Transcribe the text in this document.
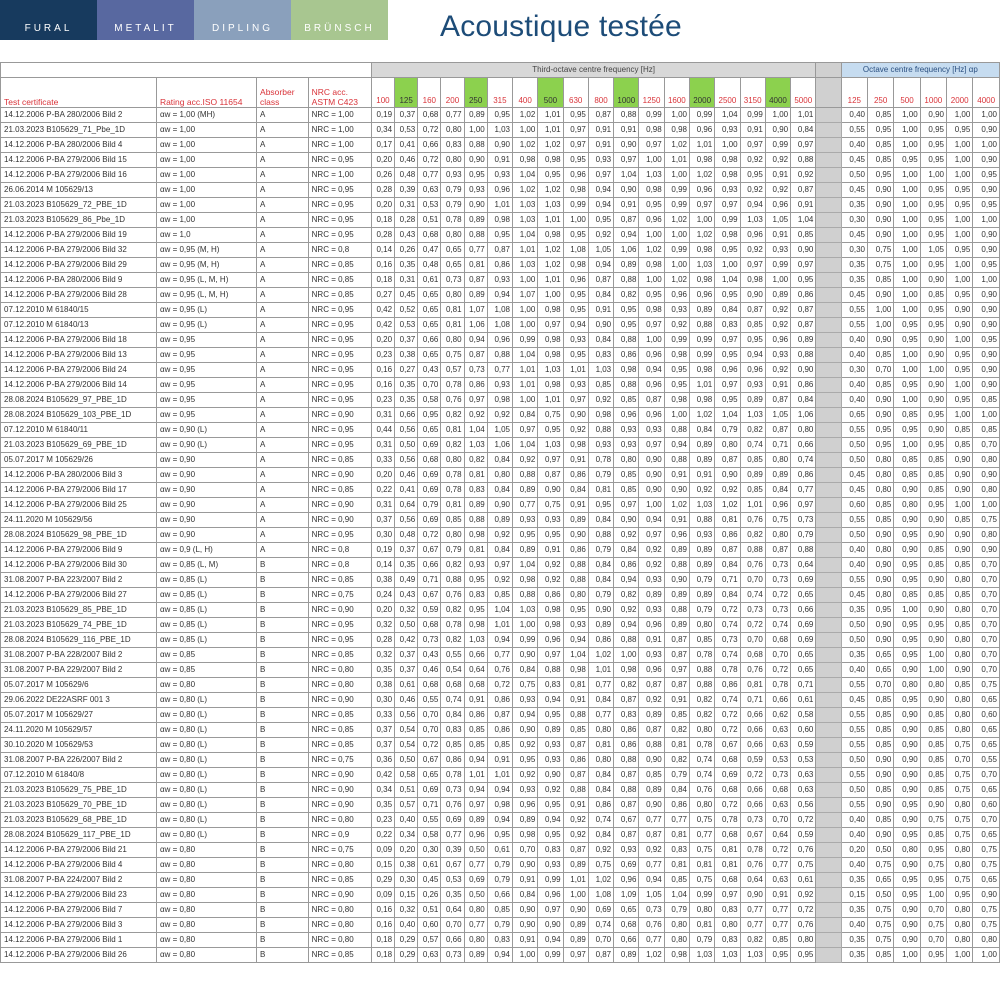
FURAL	METALIT	DIPLING	BRÜNSCH	Acoustique testée
				Third-octave centre frequency [Hz]																			Octave centre frequency [Hz] αp					
Test certificate	Rating acc.ISO 11654	Absorber class	NRC acc. ASTM C423	100	125	160	200	250	315	400	500	630	800	1000	1250	1600	2000	2500	3150	4000	5000		125	250	500	1000	2000	4000
14.12.2006 P-BA 280/2006 Bild 2	αw = 1,00 (MH)	A	NRC = 1,00	0,19	0,37	0,68	0,77	0,89	0,95	1,02	1,01	0,95	0,87	0,88	0,99	1,00	0,99	1,04	0,99	1,00	1,01		0,40	0,85	1,00	0,90	1,00	1,00
21.03.2023 B105629_71_Pbe_1D	αw = 1,00	A	NRC = 1,00	0,34	0,53	0,72	0,80	1,00	1,03	1,00	1,01	0,97	0,91	0,91	0,98	0,98	0,96	0,93	0,91	0,90	0,84		0,55	0,95	1,00	0,95	0,95	0,90
14.12.2006 P-BA 280/2006 Bild 4	αw = 1,00	A	NRC = 1,00	0,17	0,41	0,66	0,83	0,88	0,90	1,02	1,02	0,97	0,91	0,90	0,97	1,02	1,01	1,00	0,97	0,99	0,97		0,40	0,85	1,00	0,95	1,00	1,00
14.12.2006 P-BA 279/2006 Bild 15	αw = 1,00	A	NRC = 0,95	0,20	0,46	0,72	0,80	0,90	0,91	0,98	0,98	0,95	0,93	0,97	1,00	1,01	0,98	0,98	0,92	0,92	0,88		0,45	0,85	0,95	0,95	1,00	0,90
14.12.2006 P-BA 279/2006 Bild 16	αw = 1,00	A	NRC = 1,00	0,26	0,48	0,77	0,93	0,95	0,93	1,04	0,95	0,96	0,97	1,04	1,03	1,00	1,02	0,98	0,95	0,91	0,92		0,50	0,95	1,00	1,00	1,00	0,95
26.06.2014 M 105629/13	αw = 1,00	A	NRC = 0,95	0,28	0,39	0,63	0,79	0,93	0,96	1,02	1,02	0,98	0,94	0,90	0,98	0,99	0,96	0,93	0,92	0,92	0,87		0,45	0,90	1,00	0,95	0,95	0,90
21.03.2023 B105629_72_PBE_1D	αw = 1,00	A	NRC = 0,95	0,20	0,31	0,53	0,79	0,90	1,01	1,03	1,03	0,99	0,94	0,91	0,95	0,99	0,97	0,97	0,94	0,96	0,91		0,35	0,90	1,00	0,95	0,95	0,95
21.03.2023 B105629_86_Pbe_1D	αw = 1,00	A	NRC = 0,95	0,18	0,28	0,51	0,78	0,89	0,98	1,03	1,01	1,00	0,95	0,87	0,96	1,02	1,00	0,99	1,03	1,05	1,04		0,30	0,90	1,00	0,95	1,00	1,00
14.12.2006 P-BA 279/2006 Bild 19	αw = 1,0	A	NRC = 0,95	0,28	0,43	0,68	0,80	0,88	0,95	1,04	0,98	0,95	0,92	0,94	1,00	1,00	1,02	0,98	0,96	0,91	0,85		0,45	0,90	1,00	0,95	1,00	0,90
14.12.2006 P-BA 279/2006 Bild 32	αw = 0,95 (M, H)	A	NRC = 0,8	0,14	0,26	0,47	0,65	0,77	0,87	1,01	1,02	1,08	1,05	1,06	1,02	0,99	0,98	0,95	0,92	0,93	0,90		0,30	0,75	1,00	1,05	0,95	0,90
14.12.2006 P-BA 279/2006 Bild 29	αw = 0,95 (M, H)	A	NRC = 0,85	0,16	0,35	0,48	0,65	0,81	0,86	1,03	1,02	0,98	0,94	0,89	0,98	1,00	1,03	1,00	0,97	0,99	0,97		0,35	0,75	1,00	0,95	1,00	0,95
14.12.2006 P-BA 280/2006 Bild 9	αw = 0,95 (L, M, H)	A	NRC = 0,85	0,18	0,31	0,61	0,73	0,87	0,93	1,00	1,01	0,96	0,87	0,88	1,00	1,02	0,98	1,04	0,98	1,00	0,95		0,35	0,85	1,00	0,90	1,00	1,00
14.12.2006 P-BA 279/2006 Bild 28	αw = 0,95 (L, M, H)	A	NRC = 0,85	0,27	0,45	0,65	0,80	0,89	0,94	1,07	1,00	0,95	0,84	0,82	0,95	0,96	0,96	0,95	0,90	0,89	0,86		0,45	0,90	1,00	0,85	0,95	0,90
07.12.2010 M 61840/15	αw = 0,95 (L)	A	NRC = 0,95	0,42	0,52	0,65	0,81	1,07	1,08	1,00	0,98	0,95	0,91	0,95	0,98	0,93	0,89	0,84	0,87	0,92	0,87		0,55	1,00	1,00	0,95	0,90	0,90
07.12.2010 M 61840/13	αw = 0,95 (L)	A	NRC = 0,95	0,42	0,53	0,65	0,81	1,06	1,08	1,00	0,97	0,94	0,90	0,95	0,97	0,92	0,88	0,83	0,85	0,92	0,87		0,55	1,00	0,95	0,95	0,90	0,90
14.12.2006 P-BA 279/2006 Bild 18	αw = 0,95	A	NRC = 0,95	0,20	0,37	0,66	0,80	0,94	0,96	0,99	0,98	0,93	0,84	0,88	1,00	0,99	0,99	0,97	0,95	0,96	0,89		0,40	0,90	0,95	0,90	1,00	0,95
14.12.2006 P-BA 279/2006 Bild 13	αw = 0,95	A	NRC = 0,95	0,23	0,38	0,65	0,75	0,87	0,88	1,04	0,98	0,95	0,83	0,86	0,96	0,98	0,99	0,95	0,94	0,93	0,88		0,40	0,85	1,00	0,90	0,95	0,90
14.12.2006 P-BA 279/2006 Bild 24	αw = 0,95	A	NRC = 0,95	0,16	0,27	0,43	0,57	0,73	0,77	1,01	1,03	1,01	1,03	0,98	0,94	0,95	0,98	0,96	0,96	0,92	0,90		0,30	0,70	1,00	1,00	0,95	0,90
14.12.2006 P-BA 279/2006 Bild 14	αw = 0,95	A	NRC = 0,95	0,16	0,35	0,70	0,78	0,86	0,93	1,01	0,98	0,93	0,85	0,88	0,96	0,95	1,01	0,97	0,93	0,91	0,86		0,40	0,85	0,95	0,90	1,00	0,90
28.08.2024 B105629_97_PBE_1D	αw = 0,95	A	NRC = 0,95	0,23	0,35	0,58	0,76	0,97	0,98	1,00	1,01	0,97	0,92	0,85	0,87	0,98	0,98	0,95	0,89	0,87	0,84		0,40	0,90	1,00	0,90	0,95	0,85
28.08.2024 B105629_103_PBE_1D	αw = 0,95	A	NRC = 0,90	0,31	0,66	0,95	0,82	0,92	0,92	0,84	0,75	0,90	0,98	0,96	0,96	1,00	1,02	1,04	1,03	1,05	1,06		0,65	0,90	0,85	0,95	1,00	1,00
07.12.2010 M 61840/11	αw = 0,90 (L)	A	NRC = 0,95	0,44	0,56	0,65	0,81	1,04	1,05	0,97	0,95	0,92	0,88	0,93	0,93	0,88	0,84	0,79	0,82	0,87	0,80		0,55	0,95	0,95	0,90	0,85	0,85
21.03.2023 B105629_69_PBE_1D	αw = 0,90 (L)	A	NRC = 0,95	0,31	0,50	0,69	0,82	1,03	1,06	1,04	1,03	0,98	0,93	0,93	0,97	0,94	0,89	0,80	0,74	0,71	0,66		0,50	0,95	1,00	0,95	0,85	0,70
05.07.2017 M 105629/26	αw = 0,90	A	NRC = 0,85	0,33	0,56	0,68	0,80	0,82	0,84	0,92	0,97	0,91	0,78	0,80	0,90	0,88	0,89	0,87	0,85	0,80	0,74		0,50	0,80	0,85	0,85	0,90	0,80
14.12.2006 P-BA 280/2006 Bild 3	αw = 0,90	A	NRC = 0,90	0,20	0,46	0,69	0,78	0,81	0,80	0,88	0,87	0,86	0,79	0,85	0,90	0,91	0,91	0,90	0,89	0,89	0,86		0,45	0,80	0,85	0,85	0,90	0,90
14.12.2006 P-BA 279/2006 Bild 17	αw = 0,90	A	NRC = 0,85	0,22	0,41	0,69	0,78	0,83	0,84	0,89	0,90	0,84	0,81	0,85	0,90	0,90	0,92	0,92	0,85	0,84	0,77		0,45	0,80	0,90	0,85	0,90	0,80
14.12.2006 P-BA 279/2006 Bild 25	αw = 0,90	A	NRC = 0,90	0,31	0,64	0,79	0,81	0,89	0,90	0,77	0,75	0,91	0,95	0,97	1,00	1,02	1,03	1,02	1,01	0,96	0,97		0,60	0,85	0,80	0,95	1,00	1,00
24.11.2020 M 105629/56	αw = 0,90	A	NRC = 0,90	0,37	0,56	0,69	0,85	0,88	0,89	0,93	0,93	0,89	0,84	0,90	0,94	0,91	0,88	0,81	0,76	0,75	0,73		0,55	0,85	0,90	0,90	0,85	0,75
28.08.2024 B105629_98_PBE_1D	αw = 0,90	A	NRC = 0,95	0,30	0,48	0,72	0,80	0,98	0,92	0,95	0,95	0,90	0,88	0,92	0,97	0,96	0,93	0,86	0,82	0,80	0,79		0,50	0,90	0,95	0,90	0,90	0,80
14.12.2006 P-BA 279/2006 Bild 9	αw = 0,9 (L, H)	A	NRC = 0,8	0,19	0,37	0,67	0,79	0,81	0,84	0,89	0,91	0,86	0,79	0,84	0,92	0,89	0,89	0,87	0,88	0,87	0,88		0,40	0,80	0,90	0,85	0,90	0,90
14.12.2006 P-BA 279/2006 Bild 30	αw = 0,85 (L, M)	B	NRC = 0,8	0,14	0,35	0,66	0,82	0,93	0,97	1,04	0,92	0,88	0,84	0,86	0,92	0,88	0,89	0,84	0,76	0,73	0,64		0,40	0,90	0,95	0,85	0,85	0,70
31.08.2007 P-BA 223/2007 Bild 2	αw = 0,85 (L)	B	NRC = 0,85	0,38	0,49	0,71	0,88	0,95	0,92	0,98	0,92	0,88	0,84	0,94	0,93	0,90	0,79	0,71	0,70	0,73	0,69		0,55	0,90	0,95	0,90	0,80	0,70
14.12.2006 P-BA 279/2006 Bild 27	αw = 0,85 (L)	B	NRC = 0,75	0,24	0,43	0,67	0,76	0,83	0,85	0,88	0,86	0,80	0,79	0,82	0,89	0,89	0,89	0,84	0,74	0,72	0,65		0,45	0,80	0,85	0,85	0,85	0,70
21.03.2023 B105629_85_PBE_1D	αw = 0,85 (L)	B	NRC = 0,90	0,20	0,32	0,59	0,82	0,95	1,04	1,03	0,98	0,95	0,90	0,92	0,93	0,88	0,79	0,72	0,73	0,73	0,66		0,35	0,95	1,00	0,90	0,80	0,70
21.03.2023 B105629_74_PBE_1D	αw = 0,85 (L)	B	NRC = 0,95	0,32	0,50	0,68	0,78	0,98	1,01	1,00	0,98	0,93	0,89	0,94	0,96	0,89	0,80	0,74	0,72	0,74	0,69		0,50	0,90	0,95	0,95	0,85	0,70
28.08.2024 B105629_116_PBE_1D	αw = 0,85 (L)	B	NRC = 0,95	0,28	0,42	0,73	0,82	1,03	0,94	0,99	0,96	0,94	0,86	0,88	0,91	0,87	0,85	0,73	0,70	0,68	0,69		0,50	0,90	0,95	0,90	0,80	0,70
31.08.2007 P-BA 228/2007 Bild 2	αw = 0,85	B	NRC = 0,85	0,32	0,37	0,43	0,55	0,66	0,77	0,90	0,97	1,04	1,02	1,00	0,93	0,87	0,78	0,74	0,68	0,70	0,65		0,35	0,65	0,95	1,00	0,80	0,70
31.08.2007 P-BA 229/2007 Bild 2	αw = 0,85	B	NRC = 0,80	0,35	0,37	0,46	0,54	0,64	0,76	0,84	0,88	0,98	1,01	0,98	0,96	0,97	0,88	0,78	0,76	0,72	0,65		0,40	0,65	0,90	1,00	0,90	0,70
05.07.2017 M 105629/6	αw = 0,80	B	NRC = 0,80	0,38	0,61	0,68	0,68	0,68	0,72	0,75	0,83	0,81	0,77	0,82	0,87	0,87	0,88	0,86	0,81	0,78	0,71		0,55	0,70	0,80	0,80	0,85	0,75
29.06.2022 DE22ASRF 001 3	αw = 0,80 (L)	B	NRC = 0,90	0,30	0,46	0,55	0,74	0,91	0,86	0,93	0,94	0,91	0,84	0,87	0,92	0,91	0,82	0,74	0,71	0,66	0,61		0,45	0,85	0,95	0,90	0,80	0,65
05.07.2017 M 105629/27	αw = 0,80 (L)	B	NRC = 0,85	0,33	0,56	0,70	0,84	0,86	0,87	0,94	0,95	0,88	0,77	0,83	0,89	0,85	0,82	0,72	0,66	0,62	0,58		0,55	0,85	0,90	0,85	0,80	0,60
24.11.2020 M 105629/57	αw = 0,80 (L)	B	NRC = 0,85	0,37	0,54	0,70	0,83	0,85	0,86	0,90	0,89	0,85	0,80	0,86	0,87	0,82	0,80	0,72	0,66	0,63	0,60		0,55	0,85	0,90	0,85	0,80	0,65
30.10.2020 M 105629/53	αw = 0,80 (L)	B	NRC = 0,85	0,37	0,54	0,72	0,85	0,85	0,85	0,92	0,93	0,87	0,81	0,86	0,88	0,81	0,78	0,67	0,66	0,63	0,59		0,55	0,85	0,90	0,85	0,75	0,65
31.08.2007 P-BA 226/2007 Bild 2	αw = 0,80 (L)	B	NRC = 0,75	0,36	0,50	0,67	0,86	0,94	0,91	0,95	0,93	0,86	0,80	0,88	0,90	0,82	0,74	0,68	0,59	0,53	0,53		0,50	0,90	0,90	0,85	0,70	0,55
07.12.2010 M 61840/8	αw = 0,80 (L)	B	NRC = 0,90	0,42	0,58	0,65	0,78	1,01	1,01	0,92	0,90	0,87	0,84	0,87	0,85	0,79	0,74	0,69	0,72	0,73	0,63		0,55	0,90	0,90	0,85	0,75	0,70
21.03.2023 B105629_75_PBE_1D	αw = 0,80 (L)	B	NRC = 0,90	0,34	0,51	0,69	0,73	0,94	0,94	0,93	0,92	0,88	0,84	0,88	0,89	0,84	0,76	0,68	0,66	0,68	0,63		0,50	0,85	0,90	0,85	0,75	0,65
21.03.2023 B105629_70_PBE_1D	αw = 0,80 (L)	B	NRC = 0,90	0,35	0,57	0,71	0,76	0,97	0,98	0,96	0,95	0,91	0,86	0,87	0,90	0,86	0,80	0,72	0,66	0,63	0,56		0,55	0,90	0,95	0,90	0,80	0,60
21.03.2023 B105629_68_PBE_1D	αw = 0,80 (L)	B	NRC = 0,80	0,23	0,40	0,55	0,69	0,89	0,94	0,89	0,94	0,92	0,74	0,67	0,77	0,77	0,75	0,78	0,73	0,70	0,72		0,40	0,85	0,90	0,75	0,75	0,70
28.08.2024 B105629_117_PBE_1D	αw = 0,80 (L)	B	NRC = 0,9	0,22	0,34	0,58	0,77	0,96	0,95	0,98	0,95	0,92	0,84	0,87	0,87	0,81	0,77	0,68	0,67	0,64	0,59		0,40	0,90	0,95	0,85	0,75	0,65
14.12.2006 P-BA 279/2006 Bild 21	αw = 0,80	B	NRC = 0,75	0,09	0,20	0,30	0,39	0,50	0,61	0,70	0,83	0,87	0,92	0,93	0,92	0,83	0,75	0,81	0,78	0,72	0,76		0,20	0,50	0,80	0,95	0,80	0,75
14.12.2006 P-BA 279/2006 Bild 4	αw = 0,80	B	NRC = 0,80	0,15	0,38	0,61	0,67	0,77	0,79	0,90	0,93	0,89	0,75	0,69	0,77	0,81	0,81	0,81	0,76	0,77	0,75		0,40	0,75	0,90	0,75	0,80	0,75
31.08.2007 P-BA 224/2007 Bild 2	αw = 0,80	B	NRC = 0,85	0,29	0,30	0,45	0,53	0,69	0,79	0,91	0,99	1,01	1,02	0,96	0,94	0,85	0,75	0,68	0,64	0,63	0,61		0,35	0,65	0,95	0,95	0,75	0,65
14.12.2006 P-BA 279/2006 Bild 23	αw = 0,80	B	NRC = 0,90	0,09	0,15	0,26	0,35	0,50	0,66	0,84	0,96	1,00	1,08	1,09	1,05	1,04	0,99	0,97	0,90	0,91	0,92		0,15	0,50	0,95	1,00	0,95	0,90
14.12.2006 P-BA 279/2006 Bild 7	αw = 0,80	B	NRC = 0,80	0,16	0,32	0,51	0,64	0,80	0,85	0,90	0,97	0,90	0,69	0,65	0,73	0,79	0,80	0,83	0,77	0,77	0,72		0,35	0,75	0,90	0,70	0,80	0,75
14.12.2006 P-BA 279/2006 Bild 3	αw = 0,80	B	NRC = 0,80	0,16	0,40	0,60	0,70	0,77	0,79	0,90	0,90	0,89	0,74	0,68	0,76	0,80	0,81	0,80	0,77	0,77	0,76		0,40	0,75	0,90	0,75	0,80	0,75
14.12.2006 P-BA 279/2006 Bild 1	αw = 0,80	B	NRC = 0,80	0,18	0,29	0,57	0,66	0,80	0,83	0,91	0,94	0,89	0,70	0,66	0,77	0,80	0,79	0,83	0,82	0,85	0,80		0,35	0,75	0,90	0,70	0,80	0,80
14.12.2006 P-BA 279/2006 Bild 26	αw = 0,80	B	NRC = 0,85	0,18	0,29	0,63	0,73	0,89	0,94	1,00	0,99	0,97	0,87	0,89	1,02	0,98	1,03	1,03	1,03	0,95	0,95		0,35	0,85	1,00	0,95	1,00	1,00
